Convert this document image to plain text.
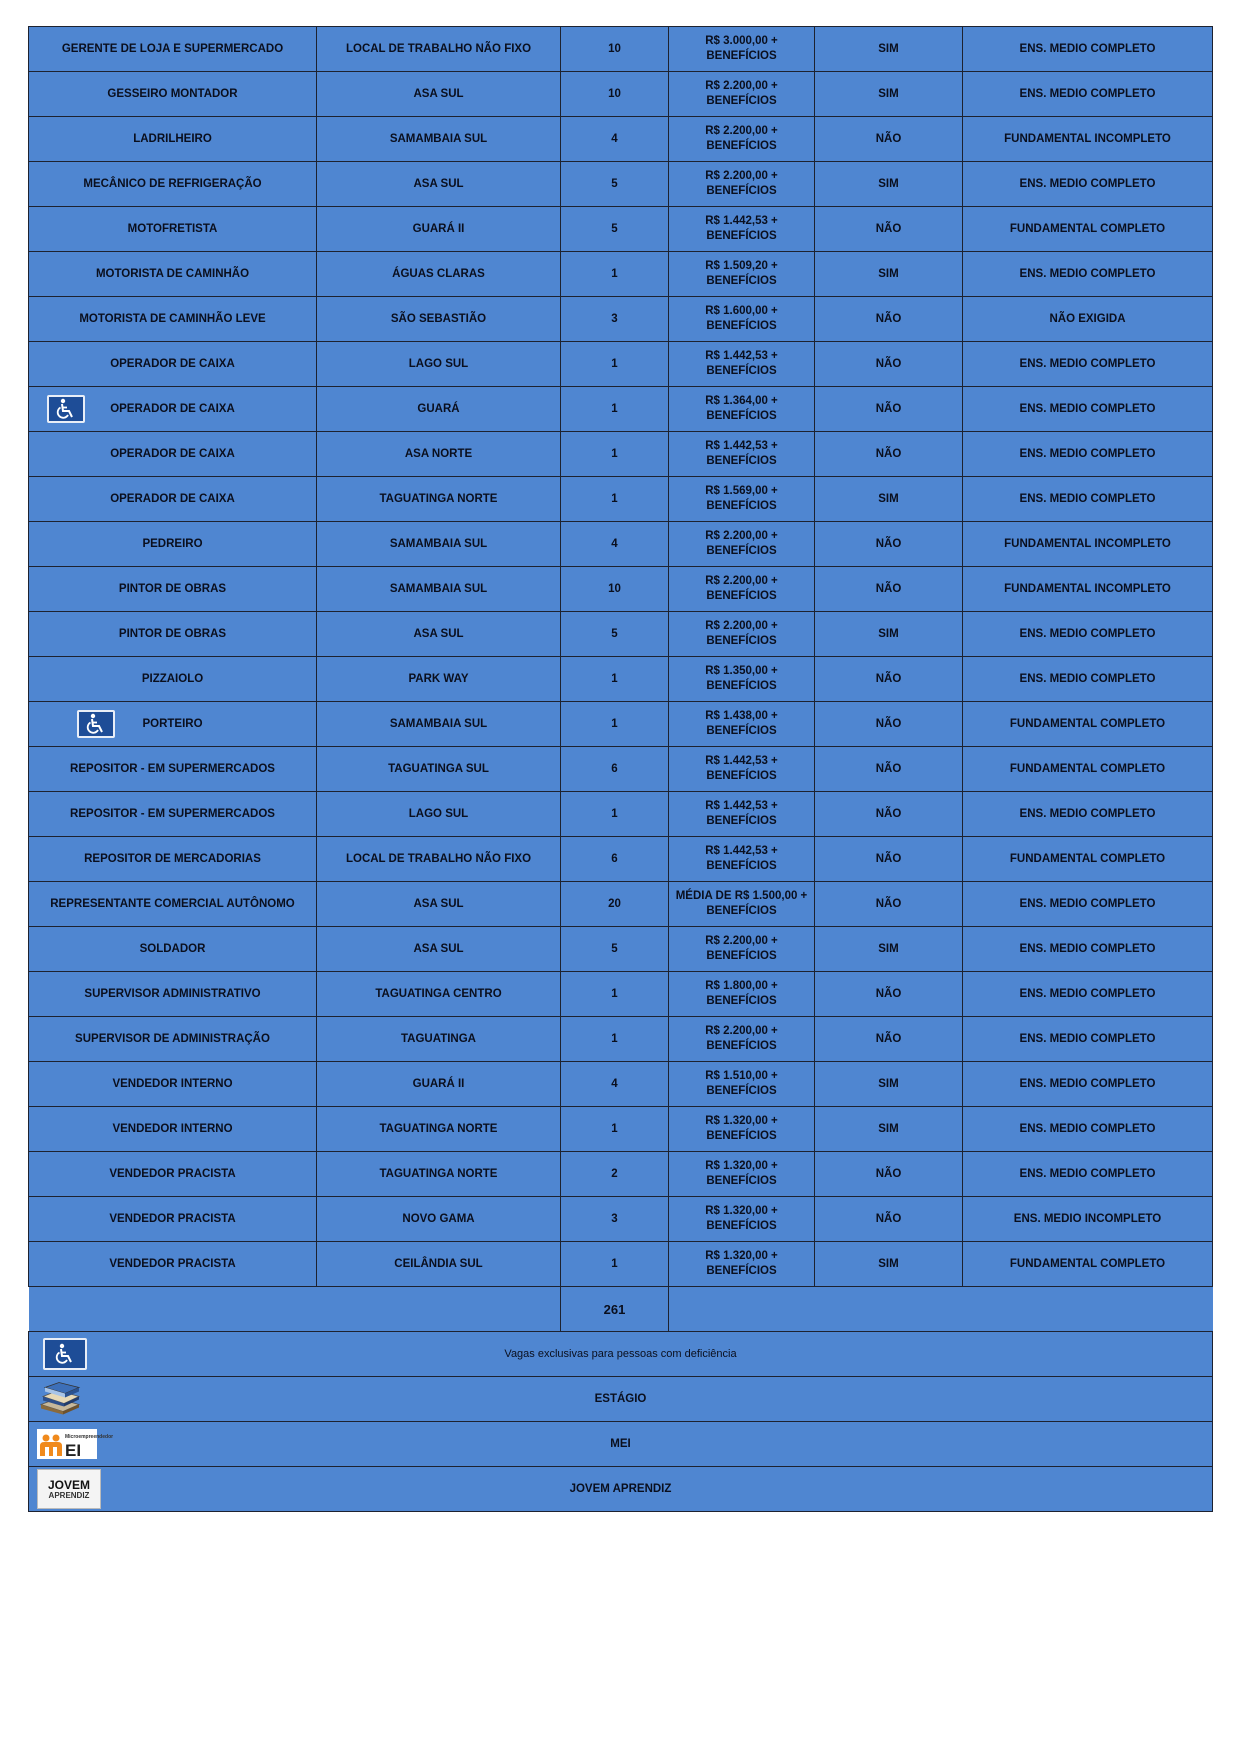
GERENTE DE LOJA E SUPERMERCADO	LOCAL DE TRABALHO NÃO FIXO	10	R$ 3.000,00 +
BENEFÍCIOS	SIM	ENS. MEDIO COMPLETO

GESSEIRO MONTADOR	ASA SUL	10	R$ 2.200,00 +
BENEFÍCIOS	SIM	ENS. MEDIO COMPLETO

LADRILHEIRO	SAMAMBAIA SUL	4	R$ 2.200,00 +
BENEFÍCIOS	NÃO	FUNDAMENTAL INCOMPLETO

MECÂNICO DE REFRIGERAÇÃO	ASA SUL	5	R$ 2.200,00 +
BENEFÍCIOS	SIM	ENS. MEDIO COMPLETO

MOTOFRETISTA	GUARÁ II	5	R$ 1.442,53 +
BENEFÍCIOS	NÃO	FUNDAMENTAL COMPLETO

MOTORISTA DE CAMINHÃO	ÁGUAS CLARAS	1	R$ 1.509,20 +
BENEFÍCIOS	SIM	ENS. MEDIO COMPLETO

MOTORISTA DE CAMINHÃO LEVE	SÃO SEBASTIÃO	3	R$ 1.600,00 +
BENEFÍCIOS	NÃO	NÃO EXIGIDA

OPERADOR DE CAIXA	LAGO SUL	1	R$ 1.442,53 +
BENEFÍCIOS	NÃO	ENS. MEDIO COMPLETO

OPERADOR DE CAIXA	GUARÁ	1	R$ 1.364,00 +
BENEFÍCIOS	NÃO	ENS. MEDIO COMPLETO

OPERADOR DE CAIXA	ASA NORTE	1	R$ 1.442,53 +
BENEFÍCIOS	NÃO	ENS. MEDIO COMPLETO

OPERADOR DE CAIXA	TAGUATINGA NORTE	1	R$ 1.569,00 +
BENEFÍCIOS	SIM	ENS. MEDIO COMPLETO

PEDREIRO	SAMAMBAIA SUL	4	R$ 2.200,00 +
BENEFÍCIOS	NÃO	FUNDAMENTAL INCOMPLETO

PINTOR DE OBRAS	SAMAMBAIA SUL	10	R$ 2.200,00 +
BENEFÍCIOS	NÃO	FUNDAMENTAL INCOMPLETO

PINTOR DE OBRAS	ASA SUL	5	R$ 2.200,00 +
BENEFÍCIOS	SIM	ENS. MEDIO COMPLETO

PIZZAIOLO	PARK WAY	1	R$ 1.350,00 +
BENEFÍCIOS	NÃO	ENS. MEDIO COMPLETO

PORTEIRO	SAMAMBAIA SUL	1	R$ 1.438,00 +
BENEFÍCIOS	NÃO	FUNDAMENTAL COMPLETO

REPOSITOR - EM SUPERMERCADOS	TAGUATINGA SUL	6	R$ 1.442,53 +
BENEFÍCIOS	NÃO	FUNDAMENTAL COMPLETO

REPOSITOR - EM SUPERMERCADOS	LAGO SUL	1	R$ 1.442,53 +
BENEFÍCIOS	NÃO	ENS. MEDIO COMPLETO

REPOSITOR DE MERCADORIAS	LOCAL DE TRABALHO NÃO FIXO	6	R$ 1.442,53 +
BENEFÍCIOS	NÃO	FUNDAMENTAL COMPLETO

REPRESENTANTE COMERCIAL AUTÔNOMO	ASA SUL	20	MÉDIA DE R$ 1.500,00 +
BENEFÍCIOS	NÃO	ENS. MEDIO COMPLETO

SOLDADOR	ASA SUL	5	R$ 2.200,00 +
BENEFÍCIOS	SIM	ENS. MEDIO COMPLETO

SUPERVISOR ADMINISTRATIVO	TAGUATINGA CENTRO	1	R$ 1.800,00 +
BENEFÍCIOS	NÃO	ENS. MEDIO COMPLETO

SUPERVISOR DE ADMINISTRAÇÃO	TAGUATINGA	1	R$ 2.200,00 +
BENEFÍCIOS	NÃO	ENS. MEDIO COMPLETO

VENDEDOR INTERNO	GUARÁ II	4	R$ 1.510,00 +
BENEFÍCIOS	SIM	ENS. MEDIO COMPLETO

VENDEDOR INTERNO	TAGUATINGA NORTE	1	R$ 1.320,00 +
BENEFÍCIOS	SIM	ENS. MEDIO COMPLETO

VENDEDOR PRACISTA	TAGUATINGA NORTE	2	R$ 1.320,00 +
BENEFÍCIOS	NÃO	ENS. MEDIO COMPLETO

VENDEDOR PRACISTA	NOVO GAMA	3	R$ 1.320,00 +
BENEFÍCIOS	NÃO	ENS. MEDIO INCOMPLETO

VENDEDOR PRACISTA	CEILÂNDIA SUL	1	R$ 1.320,00 +
BENEFÍCIOS	SIM	FUNDAMENTAL COMPLETO
		261			

Vagas exclusivas para pessoas com deficiência					

ESTÁGIO					

EI
Microempreendedor
MEI					

JOVEM
APRENDIZ
JOVEM APRENDIZ					
